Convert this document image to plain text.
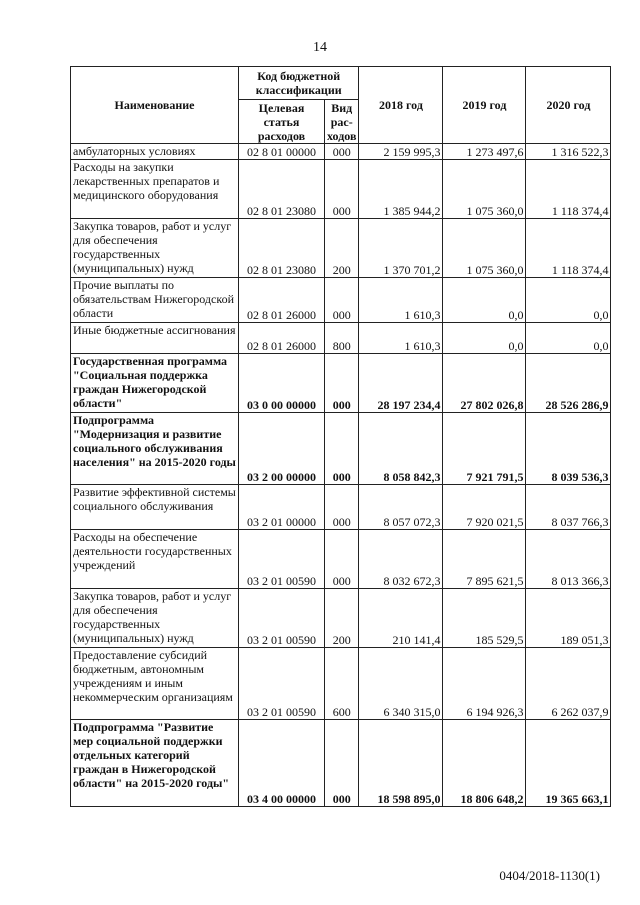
14
Наименование	Код бюджетной классификации		2018 год	2019 год	2020 год
	Целевая статья расходов	Вид рас-ходов			
амбулаторных условиях	02 8 01 00000	000	2 159 995,3	1 273 497,6	1 316 522,3
Расходы на закупки лекарственных препаратов и медицинского оборудования	02 8 01 23080	000	1 385 944,2	1 075 360,0	1 118 374,4
Закупка товаров, работ и услуг для обеспечения государственных (муниципальных) нужд	02 8 01 23080	200	1 370 701,2	1 075 360,0	1 118 374,4
Прочие выплаты по обязательствам Нижегородской области	02 8 01 26000	000	1 610,3	0,0	0,0
Иные бюджетные ассигнования	02 8 01 26000	800	1 610,3	0,0	0,0
Государственная программа "Социальная поддержка граждан Нижегородской области"	03 0 00 00000	000	28 197 234,4	27 802 026,8	28 526 286,9
Подпрограмма "Модернизация и развитие социального обслуживания населения" на 2015-2020 годы	03 2 00 00000	000	8 058 842,3	7 921 791,5	8 039 536,3
Развитие эффективной системы социального обслуживания	03 2 01 00000	000	8 057 072,3	7 920 021,5	8 037 766,3
Расходы на обеспечение деятельности государственных учреждений	03 2 01 00590	000	8 032 672,3	7 895 621,5	8 013 366,3
Закупка товаров, работ и услуг для обеспечения государственных (муниципальных) нужд	03 2 01 00590	200	210 141,4	185 529,5	189 051,3
Предоставление субсидий бюджетным, автономным учреждениям и иным некоммерческим организациям	03 2 01 00590	600	6 340 315,0	6 194 926,3	6 262 037,9
Подпрограмма "Развитие мер социальной поддержки отдельных категорий граждан в Нижегородской области" на 2015-2020 годы"	03 4 00 00000	000	18 598 895,0	18 806 648,2	19 365 663,1
0404/2018-1130(1)
